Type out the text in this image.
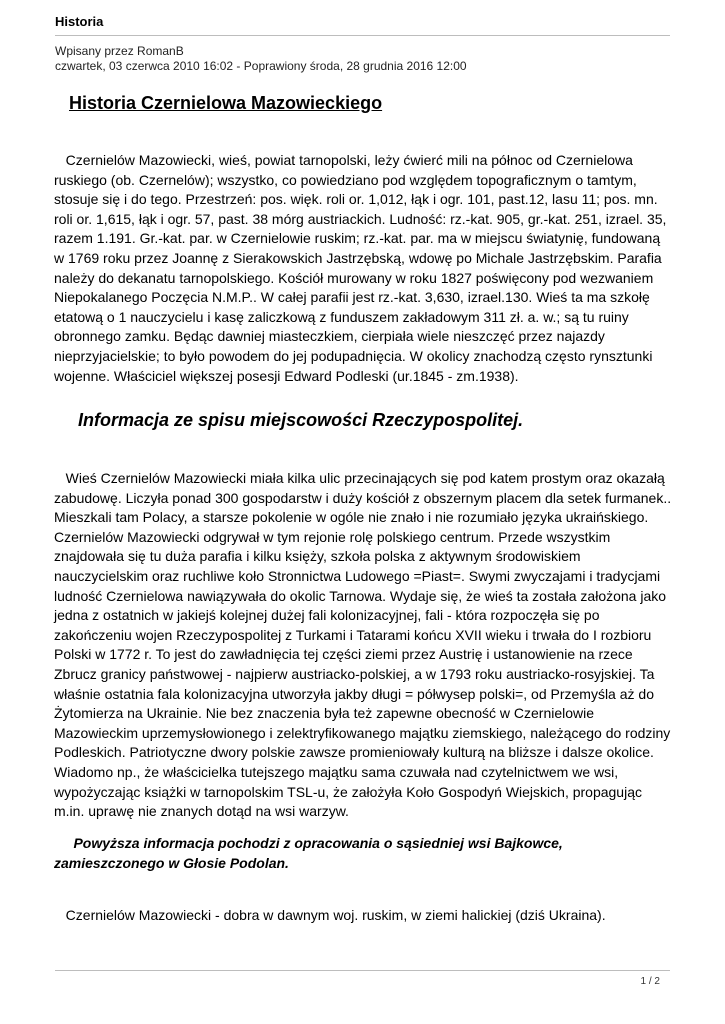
Historia

Wpisany przez RomanB
czwartek, 03 czerwca 2010 16:02 - Poprawiony środa, 28 grudnia 2016 12:00
Historia Czernielowa Mazowieckiego

Czernielów Mazowiecki, wieś, powiat tarnopolski, leży ćwierć mili na północ od Czernielowa ruskiego (ob. Czernelów); wszystko, co powiedziano pod względem topograficznym o tamtym, stosuje się i do tego. Przestrzeń: pos. więk. roli or. 1,012, łąk i ogr. 101, past.12, lasu 11; pos. mn. roli or. 1,615, łąk i ogr. 57, past. 38 mórg austriackich. Ludność: rz.-kat. 905, gr.-kat. 251, izrael. 35, razem 1.191. Gr.-kat. par. w Czernielowie ruskim; rz.-kat. par. ma w miejscu światynię, fundowaną w 1769 roku przez Joannę z Sierakowskich Jastrzębską, wdowę po Michale Jastrzębskim. Parafia należy do dekanatu tarnopolskiego. Kościół murowany w roku 1827 poświęcony pod wezwaniem Niepokalanego Poczęcia N.M.P.. W całej parafii jest rz.-kat. 3,630, izrael.130. Wieś ta ma szkołę etatową o 1 nauczycielu i kasę zaliczkową z funduszem zakładowym 311 zł. a. w.; są tu ruiny obronnego zamku. Będąc dawniej miasteczkiem, cierpiała wiele nieszczęć przez najazdy nieprzyjacielskie; to było powodem do jej podupadnięcia. W okolicy znachodzą często rynsztunki wojenne. Właściciel większej posesji Edward Podleski (ur.1845 - zm.1938).

Informacja ze spisu miejscowości Rzeczypospolitej.

Wieś Czernielów Mazowiecki miała kilka ulic przecinających się pod katem prostym oraz okazałą zabudowę. Liczyła ponad 300 gospodarstw i duży kościół z obszernym placem dla setek furmanek.. Mieszkali tam Polacy, a starsze pokolenie w ogóle nie znało i nie rozumiało języka ukraińskiego. Czernielów Mazowiecki odgrywał w tym rejonie rolę polskiego centrum. Przede wszystkim znajdowała się tu duża parafia i kilku księży, szkoła polska z aktywnym środowiskiem nauczycielskim oraz ruchliwe koło Stronnictwa Ludowego =Piast=. Swymi zwyczajami i tradycjami ludność Czernielowa nawiązywała do okolic Tarnowa. Wydaje się, że wieś ta została założona jako jedna z ostatnich w jakiejś kolejnej dużej fali kolonizacyjnej, fali - która rozpoczęła się po zakończeniu wojen Rzeczypospolitej z Turkami i Tatarami końcu XVII wieku i trwała do I rozbioru Polski w 1772 r. To jest do zawładnięcia tej części ziemi przez Austrię i ustanowienie na rzece Zbrucz granicy państwowej - najpierw austriacko-polskiej, a w 1793 roku austriacko-rosyjskiej. Ta właśnie ostatnia fala kolonizacyjna utworzyła jakby długi = półwysep polski=, od Przemyśla aż do Żytomierza na Ukrainie. Nie bez znaczenia była też zapewne obecność w Czernielowie Mazowieckim uprzemysłowionego i zelektryfikowanego majątku ziemskiego, należącego do rodziny Podleskich. Patriotyczne dwory polskie zawsze promieniowały kulturą na bliższe i dalsze okolice. Wiadomo np., że właścicielka tutejszego majątku sama czuwała nad czytelnictwem we wsi, wypożyczając książki w tarnopolskim TSL-u, że założyła Koło Gospodyń Wiejskich, propagując m.in. uprawę nie znanych dotąd na wsi warzyw.

Powyższa informacja pochodzi z opracowania o sąsiedniej wsi Bajkowce, zamieszczonego w Głosie Podolan.

Czernielów Mazowiecki - dobra w dawnym woj. ruskim, w ziemi halickiej (dziś Ukraina).

1 / 2
